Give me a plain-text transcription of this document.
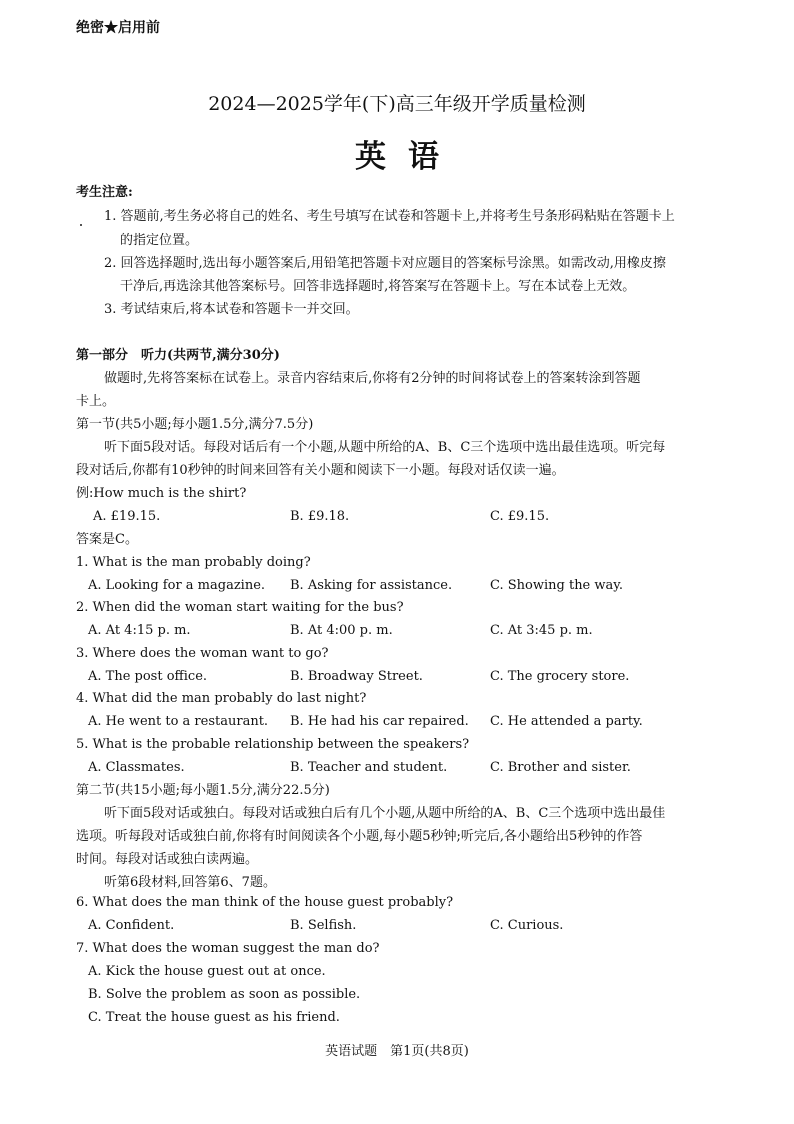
绝密★启用前
2024—2025学年(下)高三年级开学质量检测
英语
考生注意:
1. 答题前,考生务必将自己的姓名、考生号填写在试卷和答题卡上,并将考生号条形码粘贴在答题卡上
的指定位置。
2. 回答选择题时,选出每小题答案后,用铅笔把答题卡对应题目的答案标号涂黑。如需改动,用橡皮擦
干净后,再选涂其他答案标号。回答非选择题时,将答案写在答题卡上。写在本试卷上无效。
3. 考试结束后,将本试卷和答题卡一并交回。
第一部分　听力(共两节,满分30分)
做题时,先将答案标在试卷上。录音内容结束后,你将有2分钟的时间将试卷上的答案转涂到答题
卡上。
第一节(共5小题;每小题1.5分,满分7.5分)
听下面5段对话。每段对话后有一个小题,从题中所给的A、B、C三个选项中选出最佳选项。听完每
段对话后,你都有10秒钟的时间来回答有关小题和阅读下一小题。每段对话仅读一遍。
例:How much is the shirt?
A. £19.15.	B. £9.18.	C. £9.15.
答案是C。
1. What is the man probably doing?
A. Looking for a magazine. B. Asking for assistance.	C. Showing the way.
2. When did the woman start waiting for the bus?
A. At 4:15 p. m.	B. At 4:00 p. m.	C. At 3:45 p. m.
3. Where does the woman want to go?
A. The post office.	B. Broadway Street.	C. The grocery store.
4. What did the man probably do last night?
A. He went to a restaurant. B. He had his car repaired. C. He attended a party.
5. What is the probable relationship between the speakers?
A. Classmates.	B. Teacher and student.	C. Brother and sister.
第二节(共15小题;每小题1.5分,满分22.5分)
听下面5段对话或独白。每段对话或独白后有几个小题,从题中所给的A、B、C三个选项中选出最佳
选项。听每段对话或独白前,你将有时间阅读各个小题,每小题5秒钟;听完后,各小题给出5秒钟的作答
时间。每段对话或独白读两遍。
听第6段材料,回答第6、7题。
6. What does the man think of the house guest probably?
A. Confident.	B. Selfish.	C. Curious.
7. What does the woman suggest the man do?
A. Kick the house guest out at once.
B. Solve the problem as soon as possible.
C. Treat the house guest as his friend.
英语试题　第1页(共8页)
